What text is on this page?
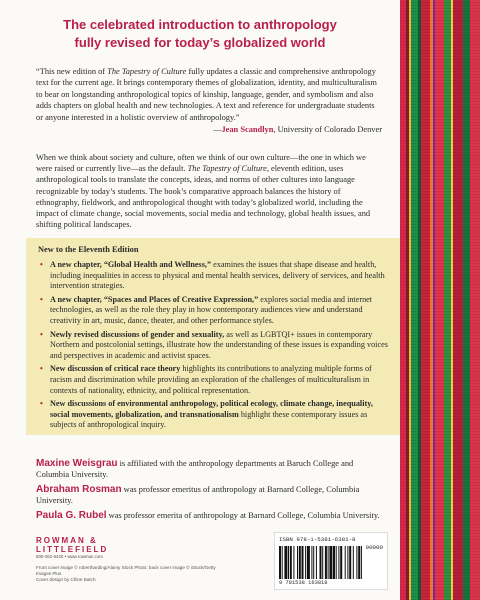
The celebrated introduction to anthropology
fully revised for today’s globalized world
“This new edition of The Tapestry of Culture fully updates a classic and comprehensive anthropology text for the current age. It brings contemporary themes of globalization, identity, and multiculturalism to bear on longstanding anthropological topics of kinship, language, gender, and symbolism and also adds chapters on global health and new technologies. A text and reference for undergraduate students or anyone interested in a holistic overview of anthropology.”
—Jean Scandlyn, University of Colorado Denver
When we think about society and culture, often we think of our own culture—the one in which we were raised or currently live—as the default. The Tapestry of Culture, eleventh edition, uses anthropological tools to translate the concepts, ideas, and norms of other cultures into language recognizable by today’s students. The book’s comparative approach balances the history of ethnography, fieldwork, and anthropological thought with today’s globalized world, including the impact of climate change, social movements, social media and technology, global health issues, and shifting political landscapes.
New to the Eleventh Edition
• A new chapter, “Global Health and Wellness,” examines the issues that shape disease and health, including inequalities in access to physical and mental health services, delivery of services, and health intervention strategies.
• A new chapter, “Spaces and Places of Creative Expression,” explores social media and internet technologies, as well as the role they play in how contemporary audiences view and understand creativity in art, music, dance, theater, and other performance styles.
• Newly revised discussions of gender and sexuality, as well as LGBTQI+ issues in contemporary Northern and postcolonial settings, illustrate how the understanding of these issues is expanding voices and perspectives in academic and activist spaces.
• New discussion of critical race theory highlights its contributions to analyzing multiple forms of racism and discrimination while providing an exploration of the challenges of multiculturalism in contexts of nationality, ethnicity, and political representation.
• New discussions of environmental anthropology, political ecology, climate change, inequality, social movements, globalization, and transnationalism highlight these contemporary issues as subjects of anthropological inquiry.
Maxine Weisgrau is affiliated with the anthropology departments at Baruch College and Columbia University.
Abraham Rosman was professor emeritus of anthropology at Barnard College, Columbia University.
Paula G. Rubel was professor emerita of anthropology at Barnard College, Columbia University.
ROWMAN &
LITTLEFIELD
800-462-6420 • www.rowman.com
Front cover image © robertharding/Alamy Stock Photo; back cover image © iStock/Getty Images Plus
Cover design by Chloe Batch
ISBN 978-1-5381-6381-8
90000
9 781538 163818
